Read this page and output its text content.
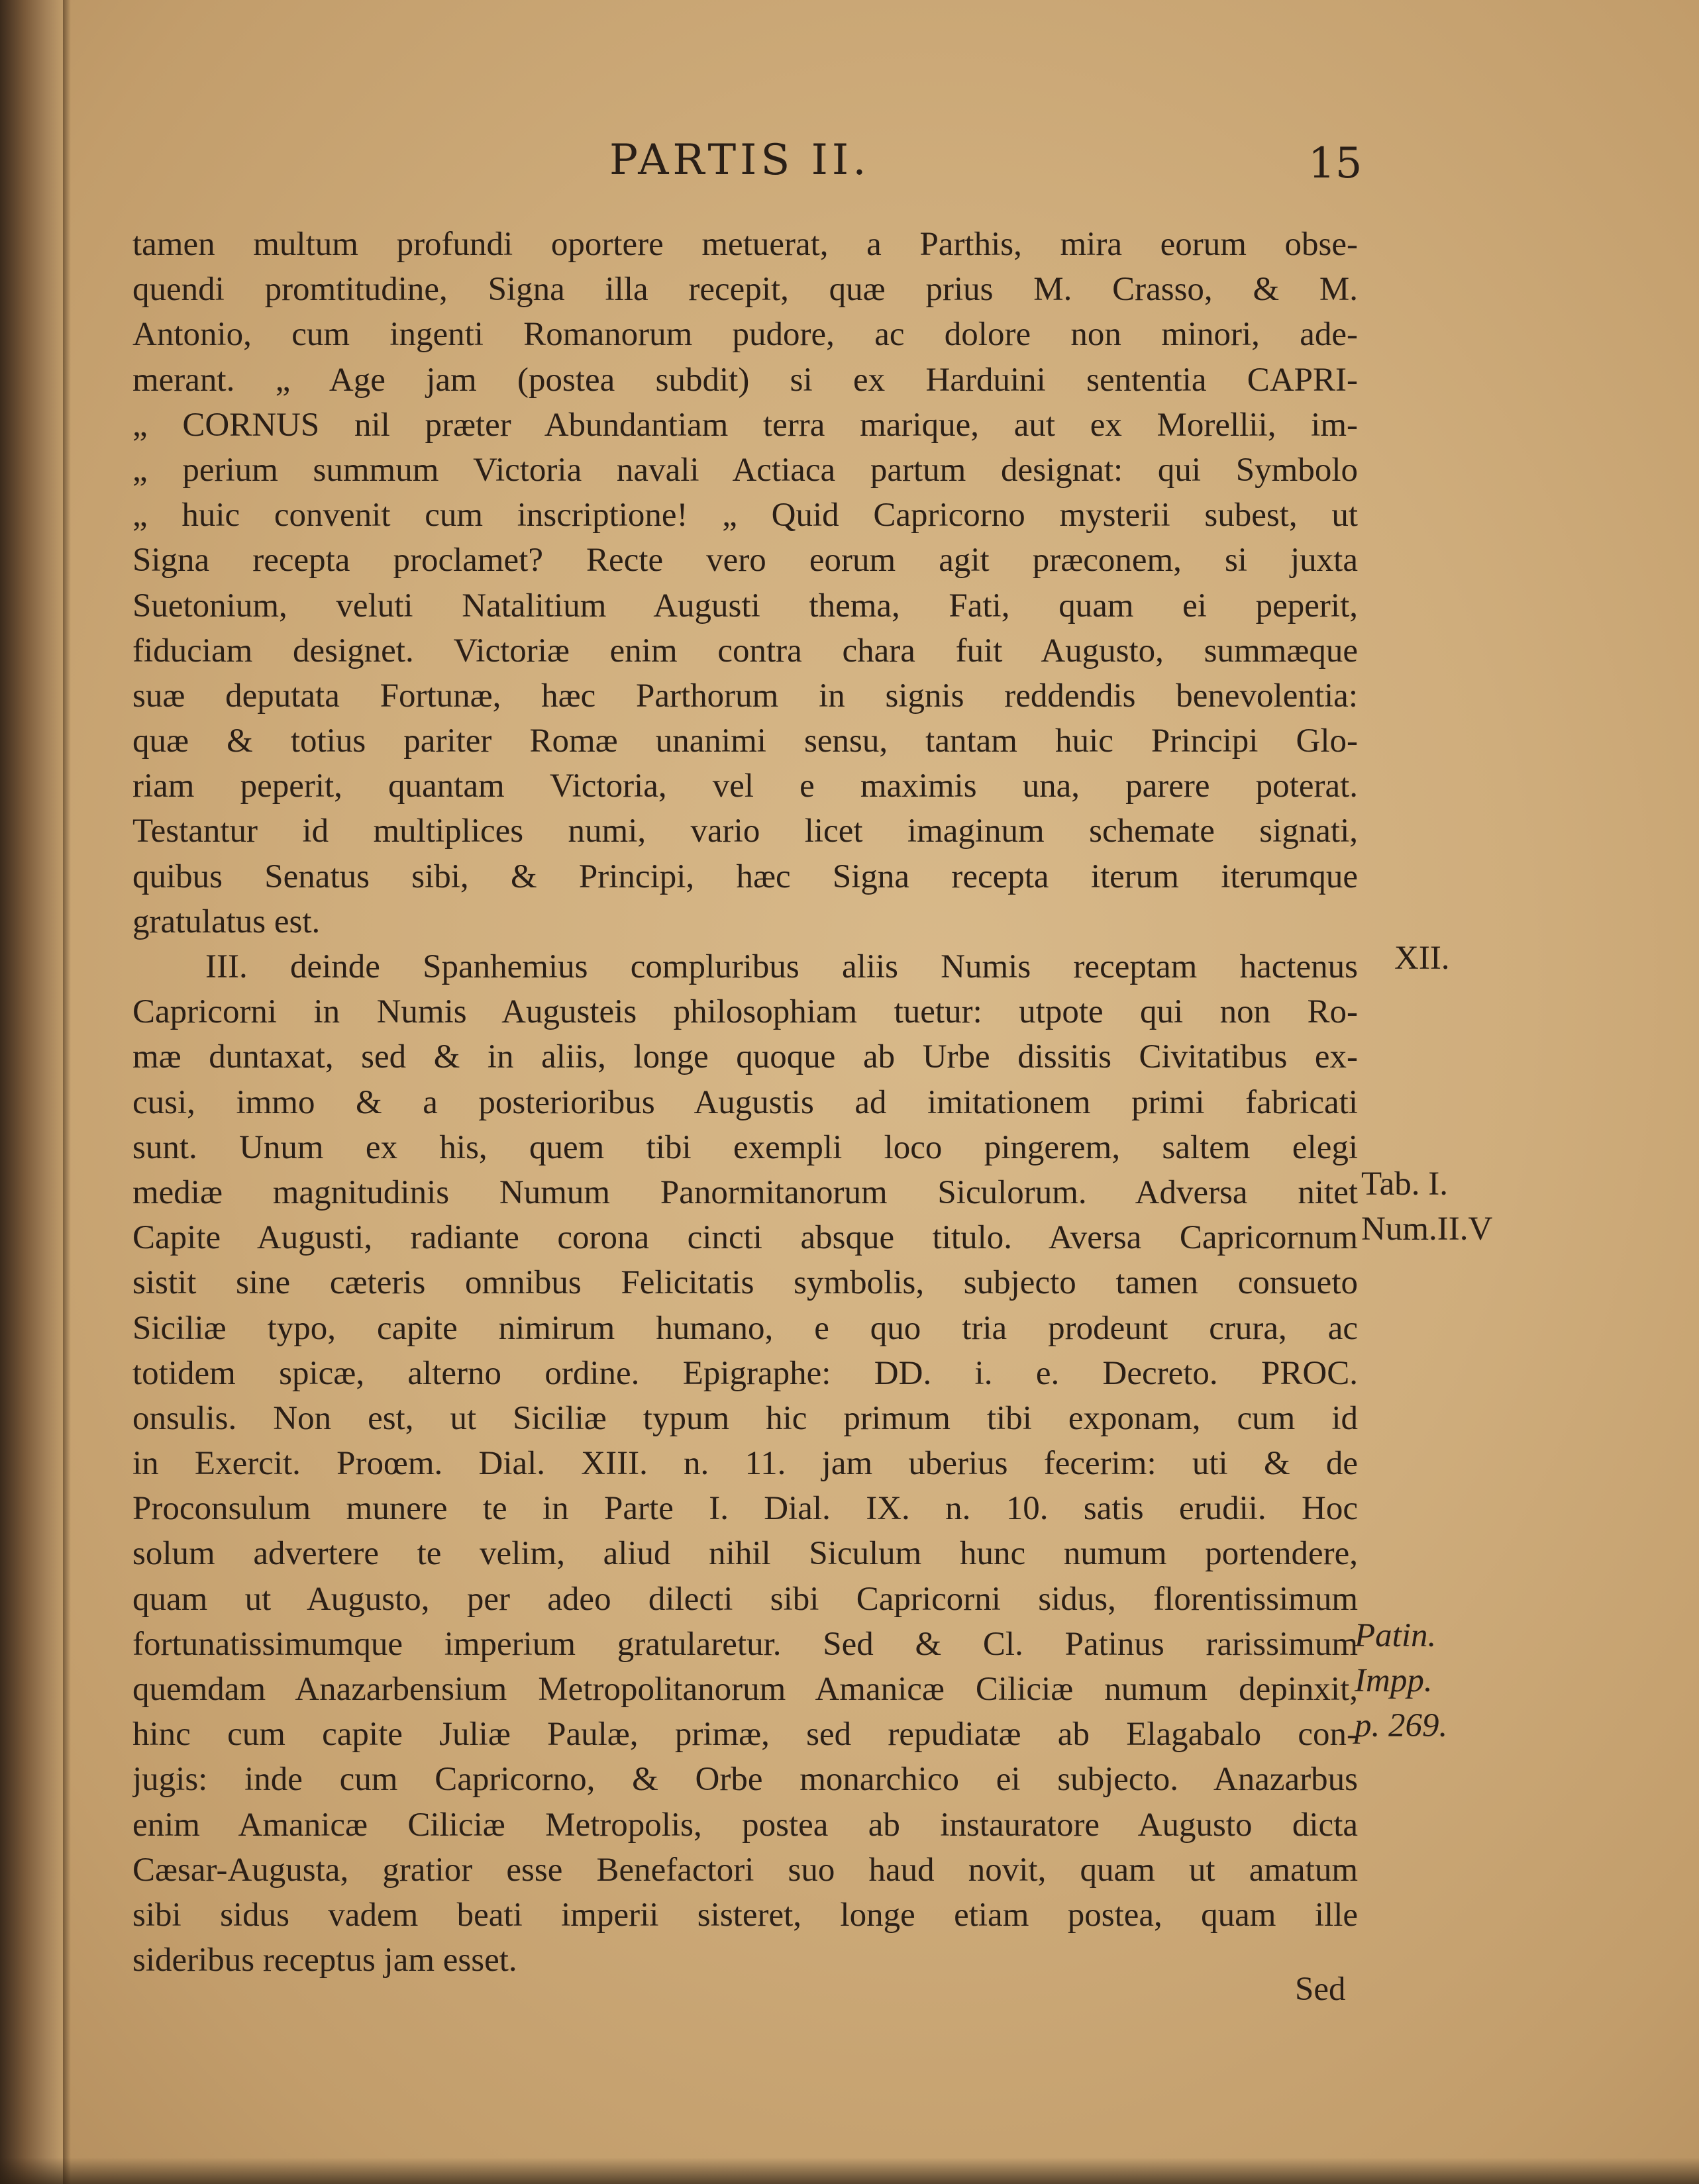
PARTIS II.	15
tamen multum profundi oportere metuerat, a Parthis, mira eorum obse-
quendi promtitudine, Signa illa recepit, quæ prius M. Crasso, & M.
Antonio, cum ingenti Romanorum pudore, ac dolore non minori, ade-
merant. „ Age jam (postea subdit) si ex Harduini sententia CAPRI-
„ CORNUS nil præter Abundantiam terra marique, aut ex Morellii, im-
„ perium summum Victoria navali Actiaca partum designat: qui Symbolo
„ huic convenit cum inscriptione! „ Quid Capricorno mysterii subest, ut
Signa recepta proclamet? Recte vero eorum agit præconem, si juxta
Suetonium, veluti Natalitium Augusti thema, Fati, quam ei peperit,
fiduciam designet. Victoriæ enim contra chara fuit Augusto, summæque
suæ deputata Fortunæ, hæc Parthorum in signis reddendis benevolentia:
quæ & totius pariter Romæ unanimi sensu, tantam huic Principi Glo-
riam peperit, quantam Victoria, vel e maximis una, parere poterat.
Testantur id multiplices numi, vario licet imaginum schemate signati,
quibus Senatus sibi, & Principi, hæc Signa recepta iterum iterumque
gratulatus est.
III. deinde Spanhemius compluribus aliis Numis receptam hactenus
Capricorni in Numis Augusteis philosophiam tuetur: utpote qui non Ro-
mæ duntaxat, sed & in aliis, longe quoque ab Urbe dissitis Civitatibus ex-
cusi, immo & a posterioribus Augustis ad imitationem primi fabricati
sunt. Unum ex his, quem tibi exempli loco pingerem, saltem elegi
mediæ magnitudinis Numum Panormitanorum Siculorum. Adversa nitet
Capite Augusti, radiante corona cincti absque titulo. Aversa Capricornum
sistit sine cæteris omnibus Felicitatis symbolis, subjecto tamen consueto
Siciliæ typo, capite nimirum humano, e quo tria prodeunt crura, ac
totidem spicæ, alterno ordine. Epigraphe: DD. i. e. Decreto. PROC.
onsulis. Non est, ut Siciliæ typum hic primum tibi exponam, cum id
in Exercit. Proœm. Dial. XIII. n. 11. jam uberius fecerim: uti & de
Proconsulum munere te in Parte I. Dial. IX. n. 10. satis erudii. Hoc
solum advertere te velim, aliud nihil Siculum hunc numum portendere,
quam ut Augusto, per adeo dilecti sibi Capricorni sidus, florentissimum
fortunatissimumque imperium gratularetur. Sed & Cl. Patinus rarissimum
quemdam Anazarbensium Metropolitanorum Amanicæ Ciliciæ numum depinxit,
hinc cum capite Juliæ Paulæ, primæ, sed repudiatæ ab Elagabalo con-
jugis: inde cum Capricorno, & Orbe monarchico ei subjecto. Anazarbus
enim Amanicæ Ciliciæ Metropolis, postea ab instauratore Augusto dicta
Cæsar-Augusta, gratior esse Benefactori suo haud novit, quam ut amatum
sibi sidus vadem beati imperii sisteret, longe etiam postea, quam ille
sideribus receptus jam esset.
XII.
Tab. I.
Num.II.V
Patin.
Impp.
p. 269.
Sed
